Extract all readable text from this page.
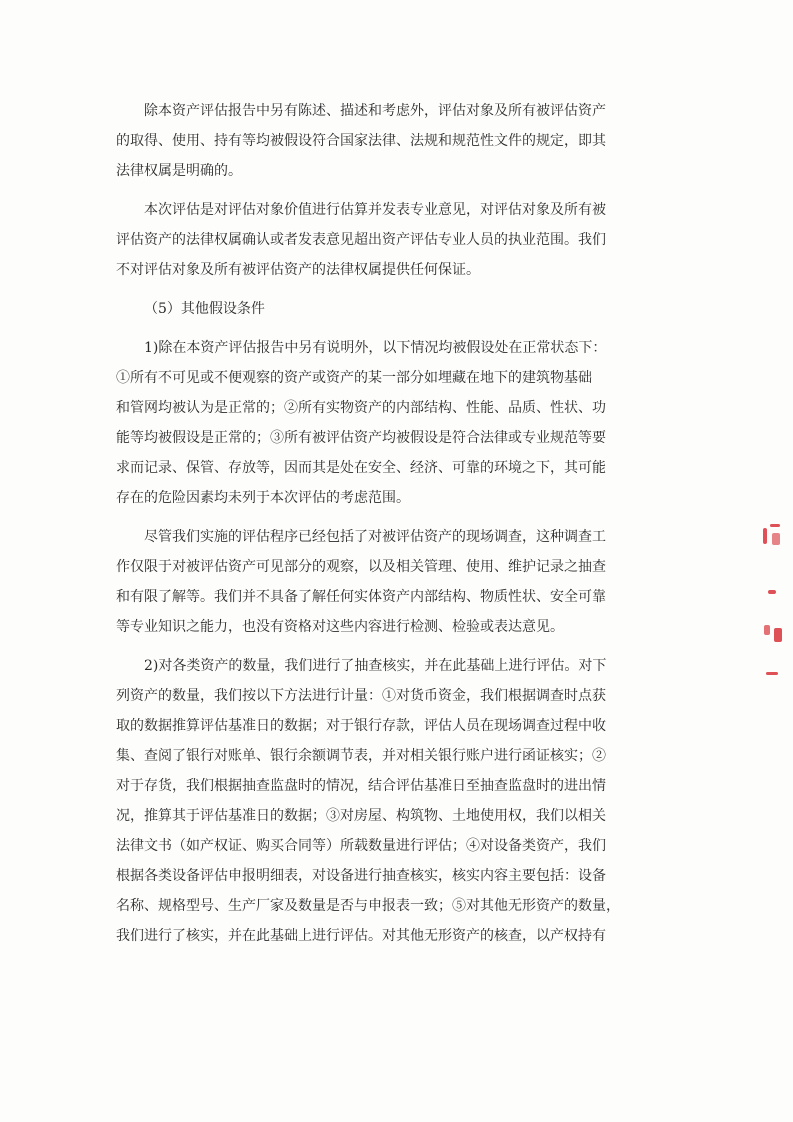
除本资产评估报告中另有陈述、描述和考虑外，评估对象及所有被评估资产
的取得、使用、持有等均被假设符合国家法律、法规和规范性文件的规定，即其
法律权属是明确的。
本次评估是对评估对象价值进行估算并发表专业意见，对评估对象及所有被
评估资产的法律权属确认或者发表意见超出资产评估专业人员的执业范围。我们
不对评估对象及所有被评估资产的法律权属提供任何保证。
（5）其他假设条件
1)除在本资产评估报告中另有说明外，以下情况均被假设处在正常状态下：
①所有不可见或不便观察的资产或资产的某一部分如埋藏在地下的建筑物基础
和管网均被认为是正常的；②所有实物资产的内部结构、性能、品质、性状、功
能等均被假设是正常的；③所有被评估资产均被假设是符合法律或专业规范等要
求而记录、保管、存放等，因而其是处在安全、经济、可靠的环境之下，其可能
存在的危险因素均未列于本次评估的考虑范围。
尽管我们实施的评估程序已经包括了对被评估资产的现场调查，这种调查工
作仅限于对被评估资产可见部分的观察，以及相关管理、使用、维护记录之抽查
和有限了解等。我们并不具备了解任何实体资产内部结构、物质性状、安全可靠
等专业知识之能力，也没有资格对这些内容进行检测、检验或表达意见。
2)对各类资产的数量，我们进行了抽查核实，并在此基础上进行评估。对下
列资产的数量，我们按以下方法进行计量：①对货币资金，我们根据调查时点获
取的数据推算评估基准日的数据；对于银行存款，评估人员在现场调查过程中收
集、查阅了银行对账单、银行余额调节表，并对相关银行账户进行函证核实；②
对于存货，我们根据抽查监盘时的情况，结合评估基准日至抽查监盘时的进出情
况，推算其于评估基准日的数据；③对房屋、构筑物、土地使用权，我们以相关
法律文书（如产权证、购买合同等）所载数量进行评估；④对设备类资产，我们
根据各类设备评估申报明细表，对设备进行抽查核实，核实内容主要包括：设备
名称、规格型号、生产厂家及数量是否与申报表一致；⑤对其他无形资产的数量，
我们进行了核实，并在此基础上进行评估。对其他无形资产的核查，以产权持有
